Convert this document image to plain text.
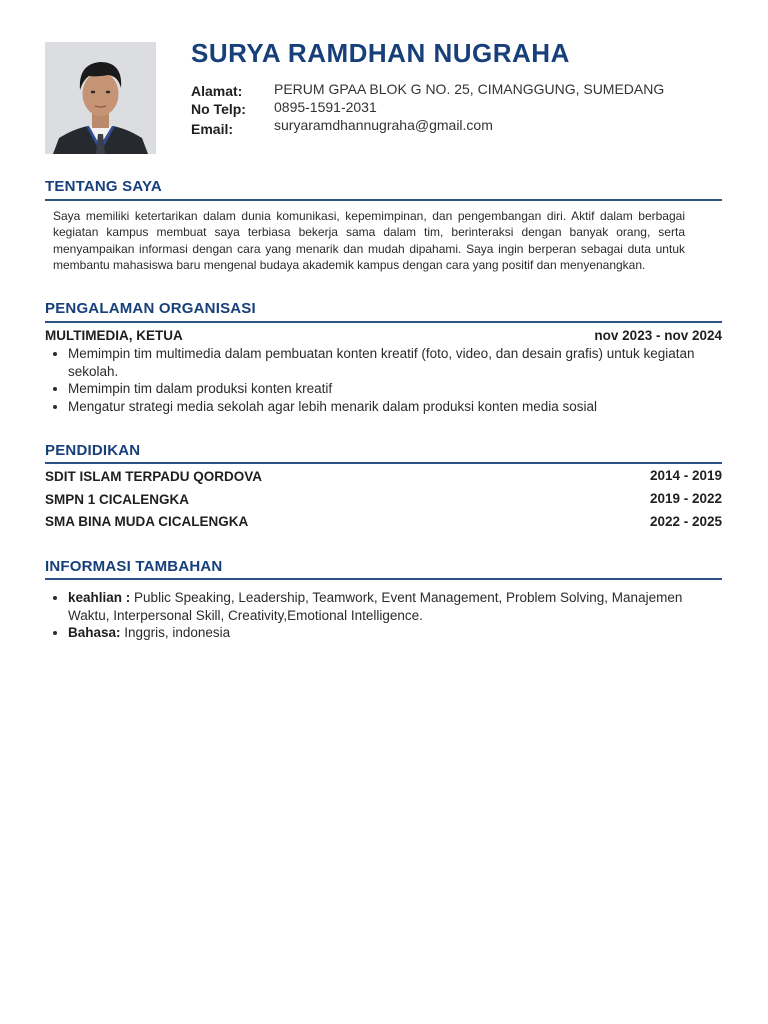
SURYA RAMDHAN NUGRAHA
Alamat: PERUM GPAA BLOK G NO. 25, CIMANGGUNG, SUMEDANG
No Telp: 0895-1591-2031
Email:	suryaramdhannugraha@gmail.com
TENTANG SAYA

Saya memiliki ketertarikan dalam dunia komunikasi, kepemimpinan, dan pengembangan diri. Aktif dalam berbagai kegiatan kampus membuat saya terbiasa bekerja sama dalam tim, berinteraksi dengan banyak orang, serta menyampaikan informasi dengan cara yang menarik dan mudah dipahami. Saya ingin berperan sebagai duta untuk membantu mahasiswa baru mengenal budaya akademik kampus dengan cara yang positif dan menyenangkan.

PENGALAMAN ORGANISASI
MULTIMEDIA, KETUA	nov 2023 - nov 2024
• Memimpin tim multimedia dalam pembuatan konten kreatif (foto, video, dan desain grafis) untuk kegiatan sekolah.
• Memimpin tim dalam produksi konten kreatif
• Mengatur strategi media sekolah agar lebih menarik dalam produksi konten media sosial
PENDIDIKAN
SDIT ISLAM TERPADU QORDOVA	2014 - 2019
SMPN 1 CICALENGKA	2019 - 2022
SMA BINA MUDA CICALENGKA	2022 - 2025
INFORMASI TAMBAHAN
• keahlian : Public Speaking, Leadership, Teamwork, Event Management, Problem Solving, Manajemen Waktu, Interpersonal Skill, Creativity,Emotional Intelligence.
• Bahasa: Inggris, indonesia
